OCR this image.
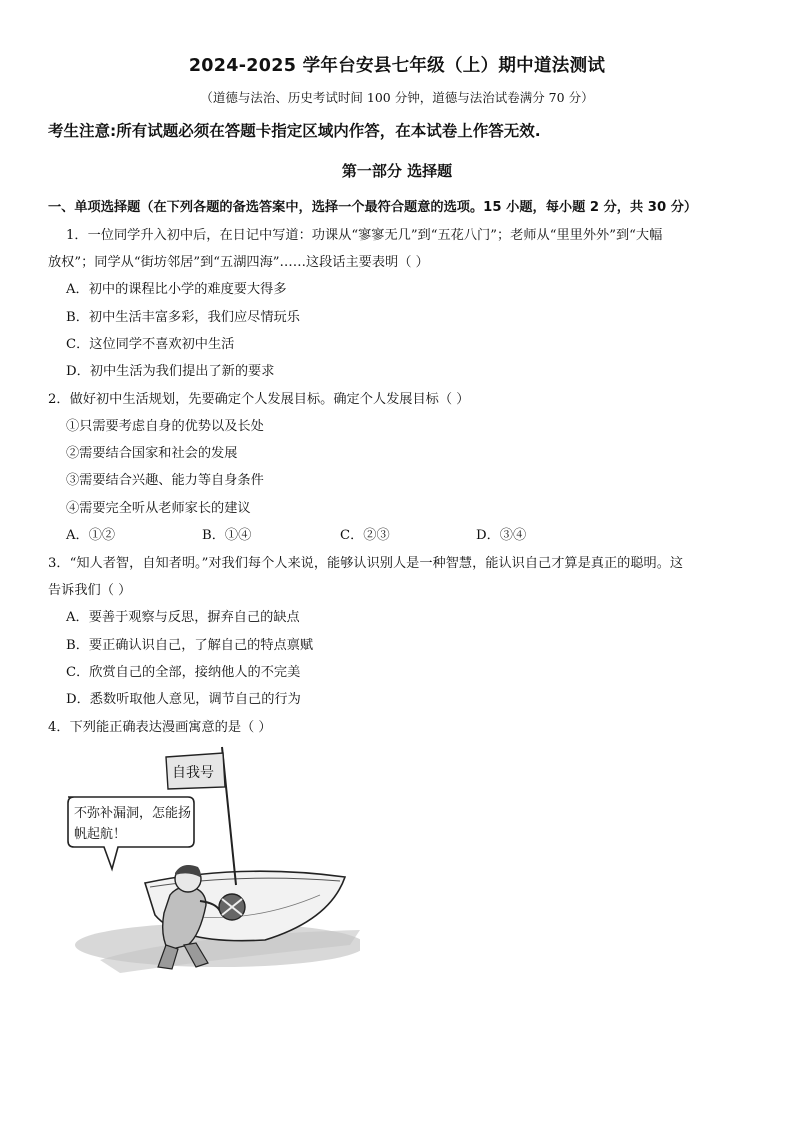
2024-2025 学年台安县七年级（上）期中道法测试
（道德与法治、历史考试时间 100 分钟，道德与法治试卷满分 70 分）
考生注意:所有试题必须在答题卡指定区域内作答，在本试卷上作答无效.
第一部分 选择题
一、单项选择题（在下列各题的备选答案中，选择一个最符合题意的选项。15 小题，每小题 2 分，共 30 分）
1．一位同学升入初中后，在日记中写道：功课从“寥寥无几”到“五花八门”；老师从“里里外外”到“大幅
放权”；同学从“街坊邻居”到“五湖四海”……这段话主要表明（ ）
A．初中的课程比小学的难度要大得多
B．初中生活丰富多彩，我们应尽情玩乐
C．这位同学不喜欢初中生活
D．初中生活为我们提出了新的要求
2．做好初中生活规划，先要确定个人发展目标。确定个人发展目标（ ）
①只需要考虑自身的优势以及长处
②需要结合国家和社会的发展
③需要结合兴趣、能力等自身条件
④需要完全听从老师家长的建议
A．①②	B．①④	C．②③	D．③④
3．“知人者智，自知者明。”对我们每个人来说，能够认识别人是一种智慧，能认识自己才算是真正的聪明。这
告诉我们（ ）
A．要善于观察与反思，摒弃自己的缺点
B．要正确认识自己，了解自己的特点禀赋
C．欣赏自己的全部，接纳他人的不完美
D．悉数听取他人意见，调节自己的行为
4．下列能正确表达漫画寓意的是（ ）
自我号
不弥补漏洞，怎能扬
帆起航！
